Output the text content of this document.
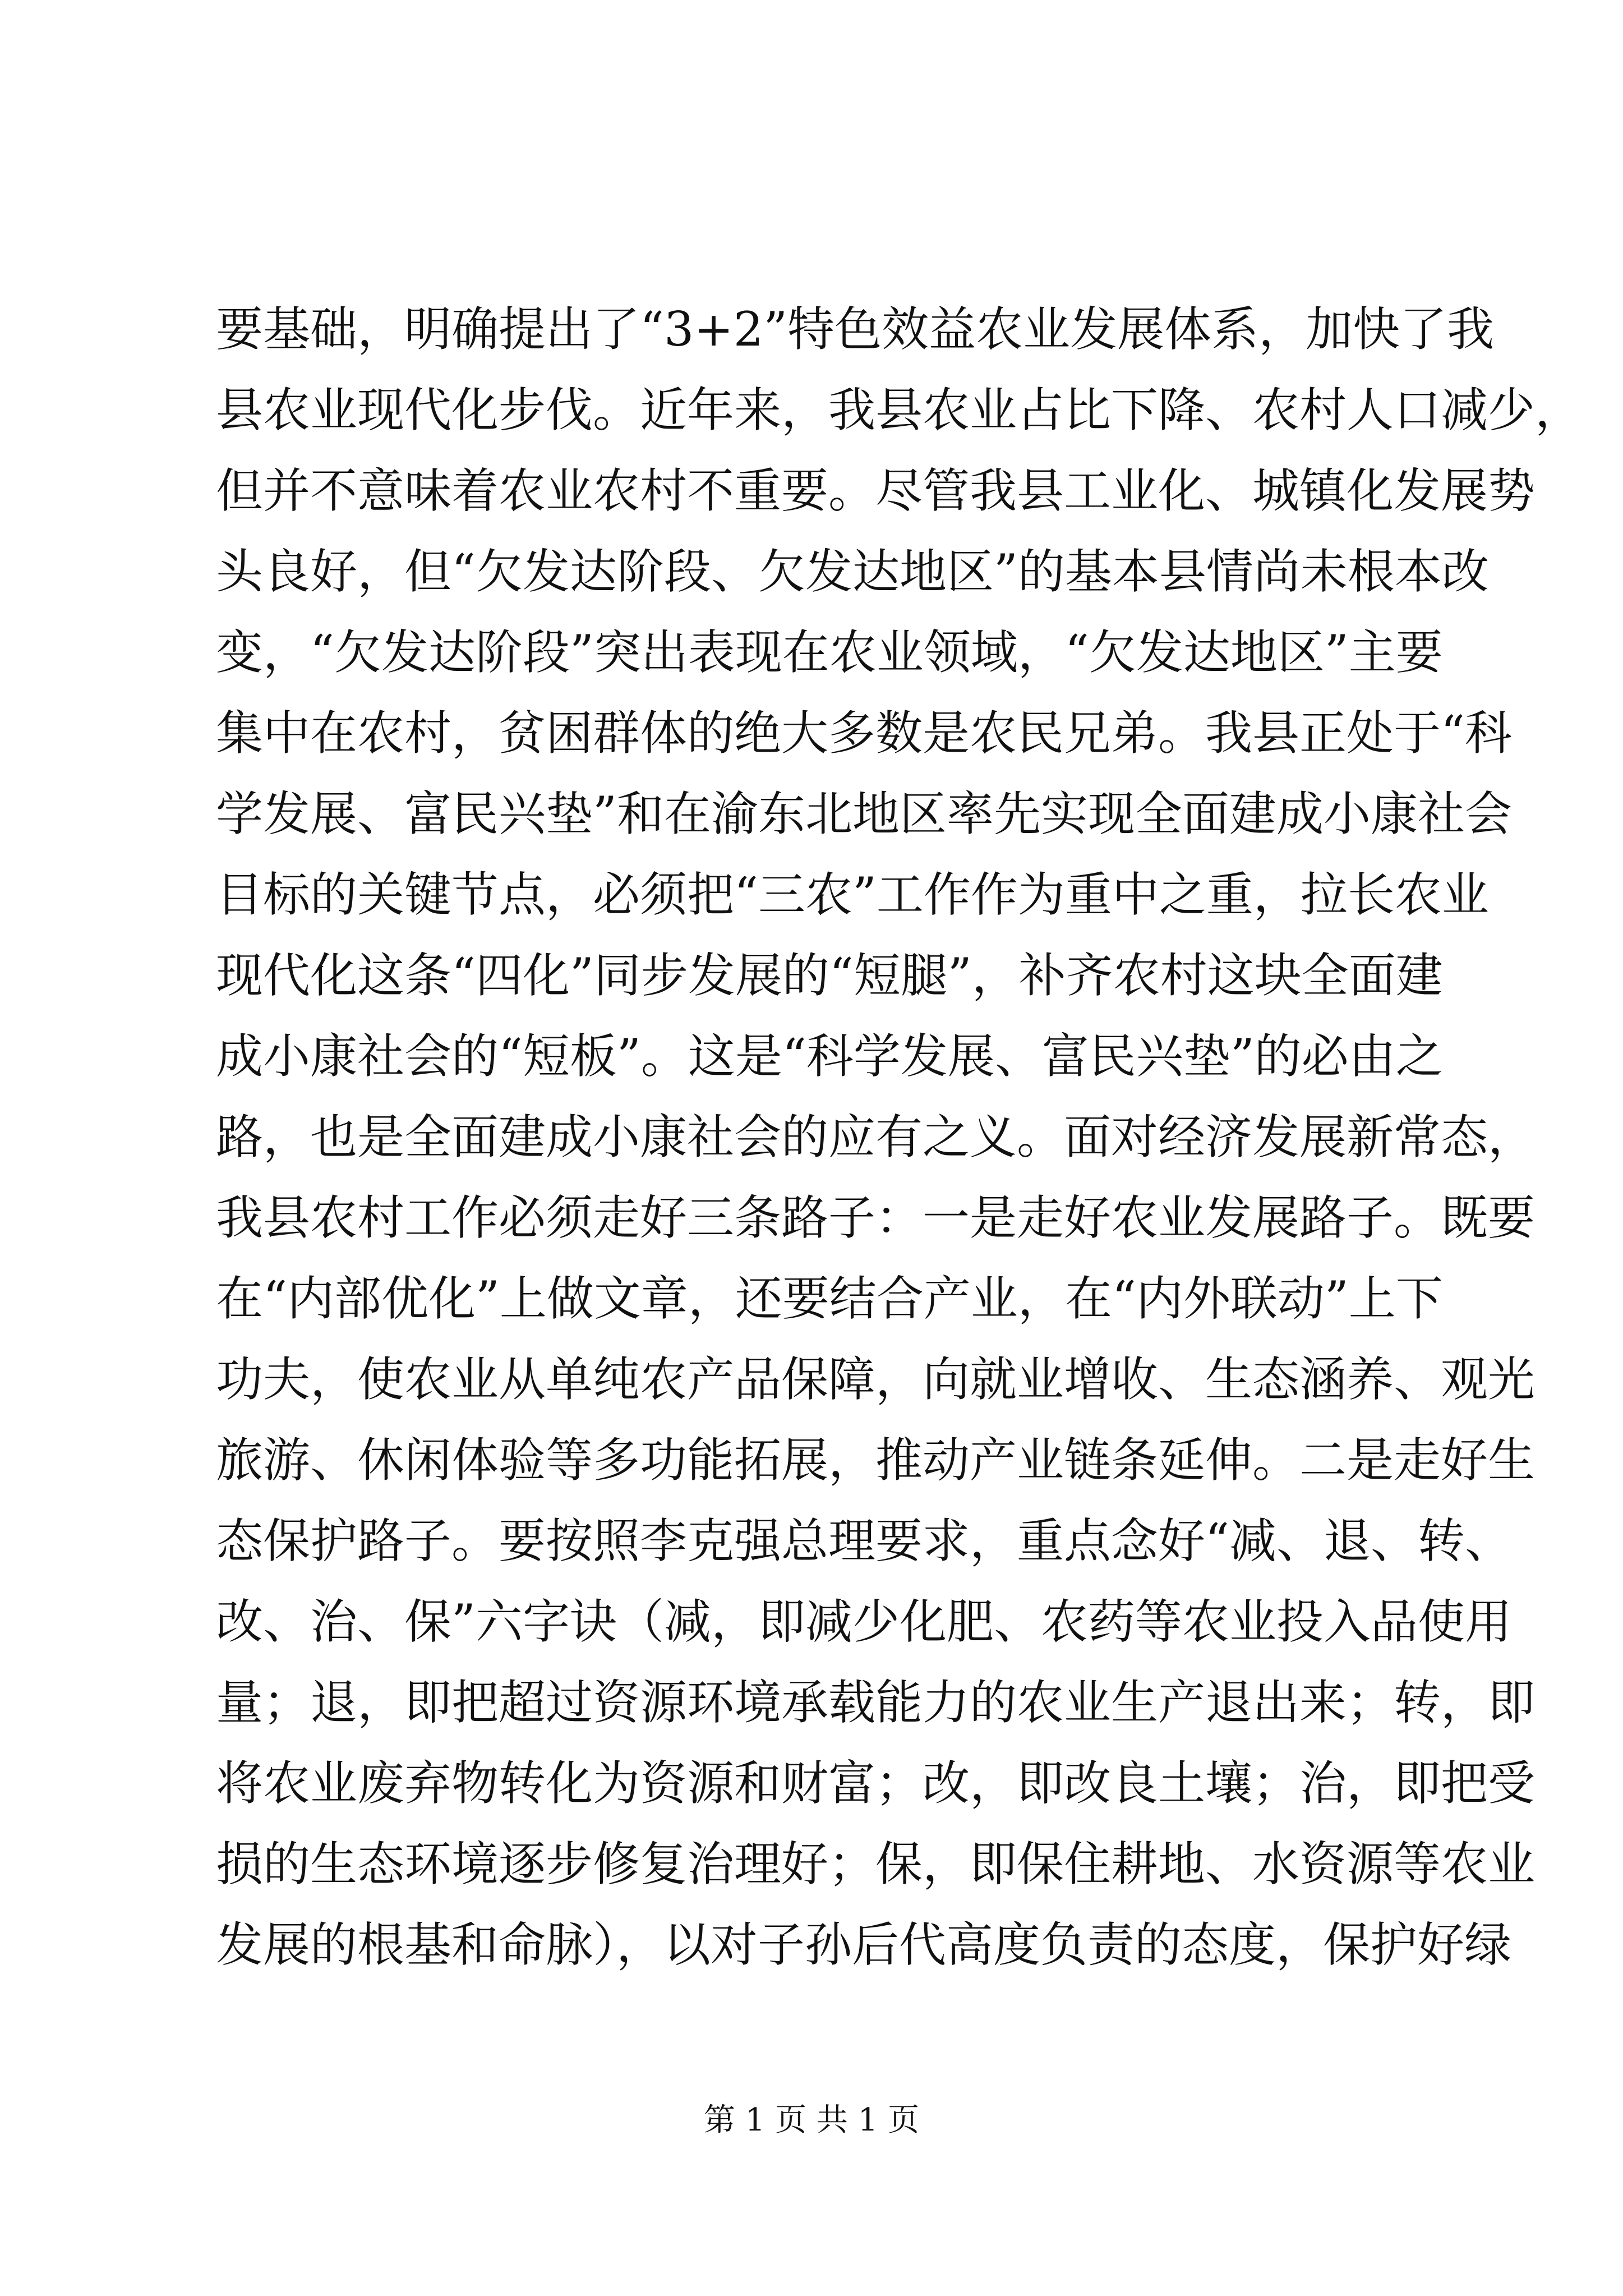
要基础，明确提出了“3+2”特色效益农业发展体系，加快了我
县农业现代化步伐。近年来，我县农业占比下降、农村人口减少，
但并不意味着农业农村不重要。尽管我县工业化、城镇化发展势
头良好，但“欠发达阶段、欠发达地区”的基本县情尚未根本改
变，“欠发达阶段”突出表现在农业领域，“欠发达地区”主要
集中在农村，贫困群体的绝大多数是农民兄弟。我县正处于“科
学发展、富民兴垫”和在渝东北地区率先实现全面建成小康社会
目标的关键节点，必须把“三农”工作作为重中之重，拉长农业
现代化这条“四化”同步发展的“短腿”，补齐农村这块全面建
成小康社会的“短板”。这是“科学发展、富民兴垫”的必由之
路，也是全面建成小康社会的应有之义。面对经济发展新常态，
我县农村工作必须走好三条路子：一是走好农业发展路子。既要
在“内部优化”上做文章，还要结合产业，在“内外联动”上下
功夫，使农业从单纯农产品保障，向就业增收、生态涵养、观光
旅游、休闲体验等多功能拓展，推动产业链条延伸。二是走好生
态保护路子。要按照李克强总理要求，重点念好“减、退、转、
改、治、保”六字诀（减，即减少化肥、农药等农业投入品使用
量；退，即把超过资源环境承载能力的农业生产退出来；转，即
将农业废弃物转化为资源和财富；改，即改良土壤；治，即把受
损的生态环境逐步修复治理好；保，即保住耕地、水资源等农业
发展的根基和命脉），以对子孙后代高度负责的态度，保护好绿
第 1 页 共 1 页
